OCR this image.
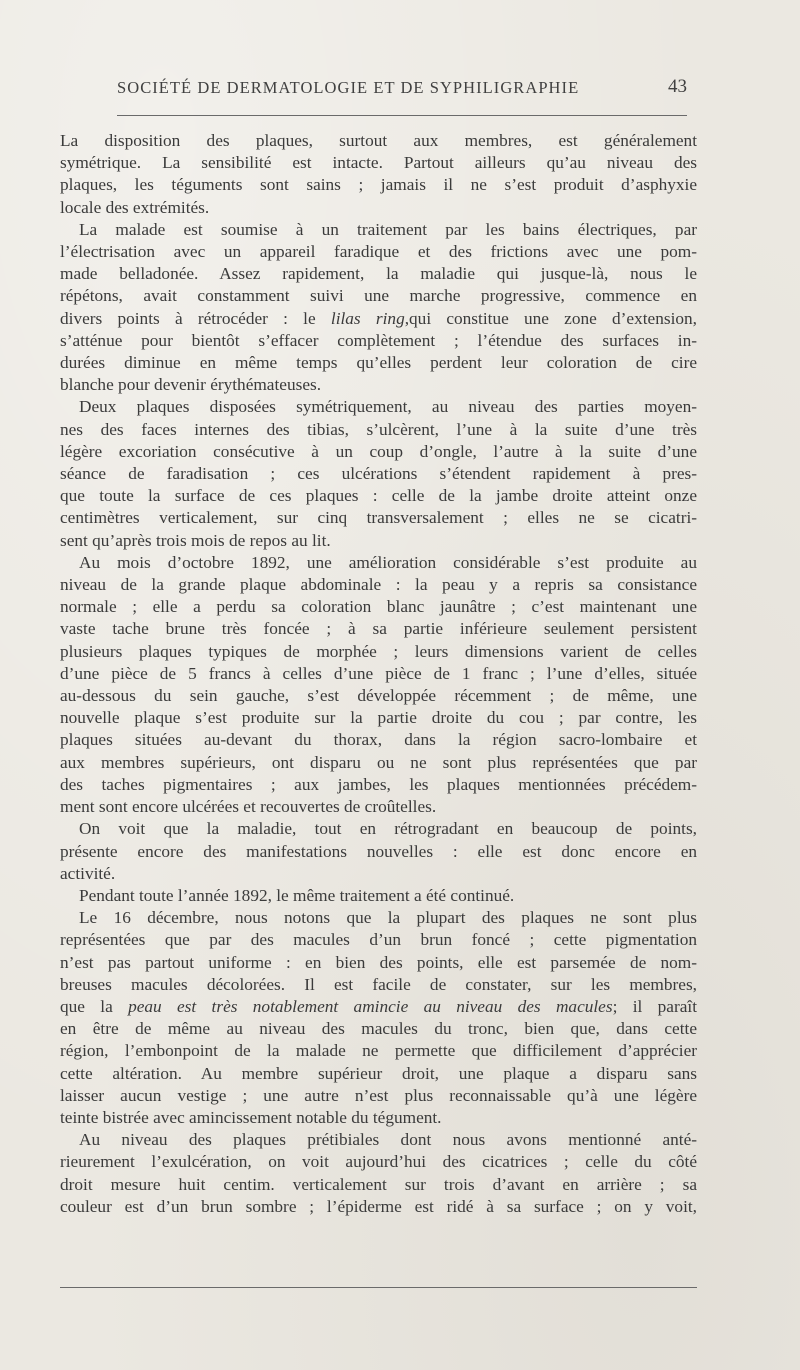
SOCIÉTÉ DE DERMATOLOGIE ET DE SYPHILIGRAPHIE	43

La disposition des plaques, surtout aux membres, est généralement

symétrique. La sensibilité est intacte. Partout ailleurs qu’au niveau des

plaques, les téguments sont sains ; jamais il ne s’est produit d’asphyxie

locale des extrémités.

La malade est soumise à un traitement par les bains électriques, par

l’électrisation avec un appareil faradique et des frictions avec une pom-

made belladonée. Assez rapidement, la maladie qui jusque-là, nous le

répétons, avait constamment suivi une marche progressive, commence en

divers points à rétrocéder : le lilas ring,qui constitue une zone d’extension,

s’atténue pour bientôt s’effacer complètement ; l’étendue des surfaces in-

durées diminue en même temps qu’elles perdent leur coloration de cire

blanche pour devenir érythémateuses.

Deux plaques disposées symétriquement, au niveau des parties moyen-

nes des faces internes des tibias, s’ulcèrent, l’une à la suite d’une très

légère excoriation consécutive à un coup d’ongle, l’autre à la suite d’une

séance de faradisation ; ces ulcérations s’étendent rapidement à pres-

que toute la surface de ces plaques : celle de la jambe droite atteint onze

centimètres verticalement, sur cinq transversalement ; elles ne se cicatri-

sent qu’après trois mois de repos au lit.

Au mois d’octobre 1892, une amélioration considérable s’est produite au

niveau de la grande plaque abdominale : la peau y a repris sa consistance

normale ; elle a perdu sa coloration blanc jaunâtre ; c’est maintenant une

vaste tache brune très foncée ; à sa partie inférieure seulement persistent

plusieurs plaques typiques de morphée ; leurs dimensions varient de celles

d’une pièce de 5 francs à celles d’une pièce de 1 franc ; l’une d’elles, située

au-dessous du sein gauche, s’est développée récemment ; de même, une

nouvelle plaque s’est produite sur la partie droite du cou ; par contre, les

plaques situées au-devant du thorax, dans la région sacro-lombaire et

aux membres supérieurs, ont disparu ou ne sont plus représentées que par

des taches pigmentaires ; aux jambes, les plaques mentionnées précédem-

ment sont encore ulcérées et recouvertes de croûtelles.

On voit que la maladie, tout en rétrogradant en beaucoup de points,

présente encore des manifestations nouvelles : elle est donc encore en

activité.

Pendant toute l’année 1892, le même traitement a été continué.

Le 16 décembre, nous notons que la plupart des plaques ne sont plus

représentées que par des macules d’un brun foncé ; cette pigmentation

n’est pas partout uniforme : en bien des points, elle est parsemée de nom-

breuses macules décolorées. Il est facile de constater, sur les membres,

que la peau est très notablement amincie au niveau des macules; il paraît

en être de même au niveau des macules du tronc, bien que, dans cette

région, l’embonpoint de la malade ne permette que difficilement d’apprécier

cette altération. Au membre supérieur droit, une plaque a disparu sans

laisser aucun vestige ; une autre n’est plus reconnaissable qu’à une légère

teinte bistrée avec amincissement notable du tégument.

Au niveau des plaques prétibiales dont nous avons mentionné anté-

rieurement l’exulcération, on voit aujourd’hui des cicatrices ; celle du côté

droit mesure huit centim. verticalement sur trois d’avant en arrière ; sa

couleur est d’un brun sombre ; l’épiderme est ridé à sa surface ; on y voit,
